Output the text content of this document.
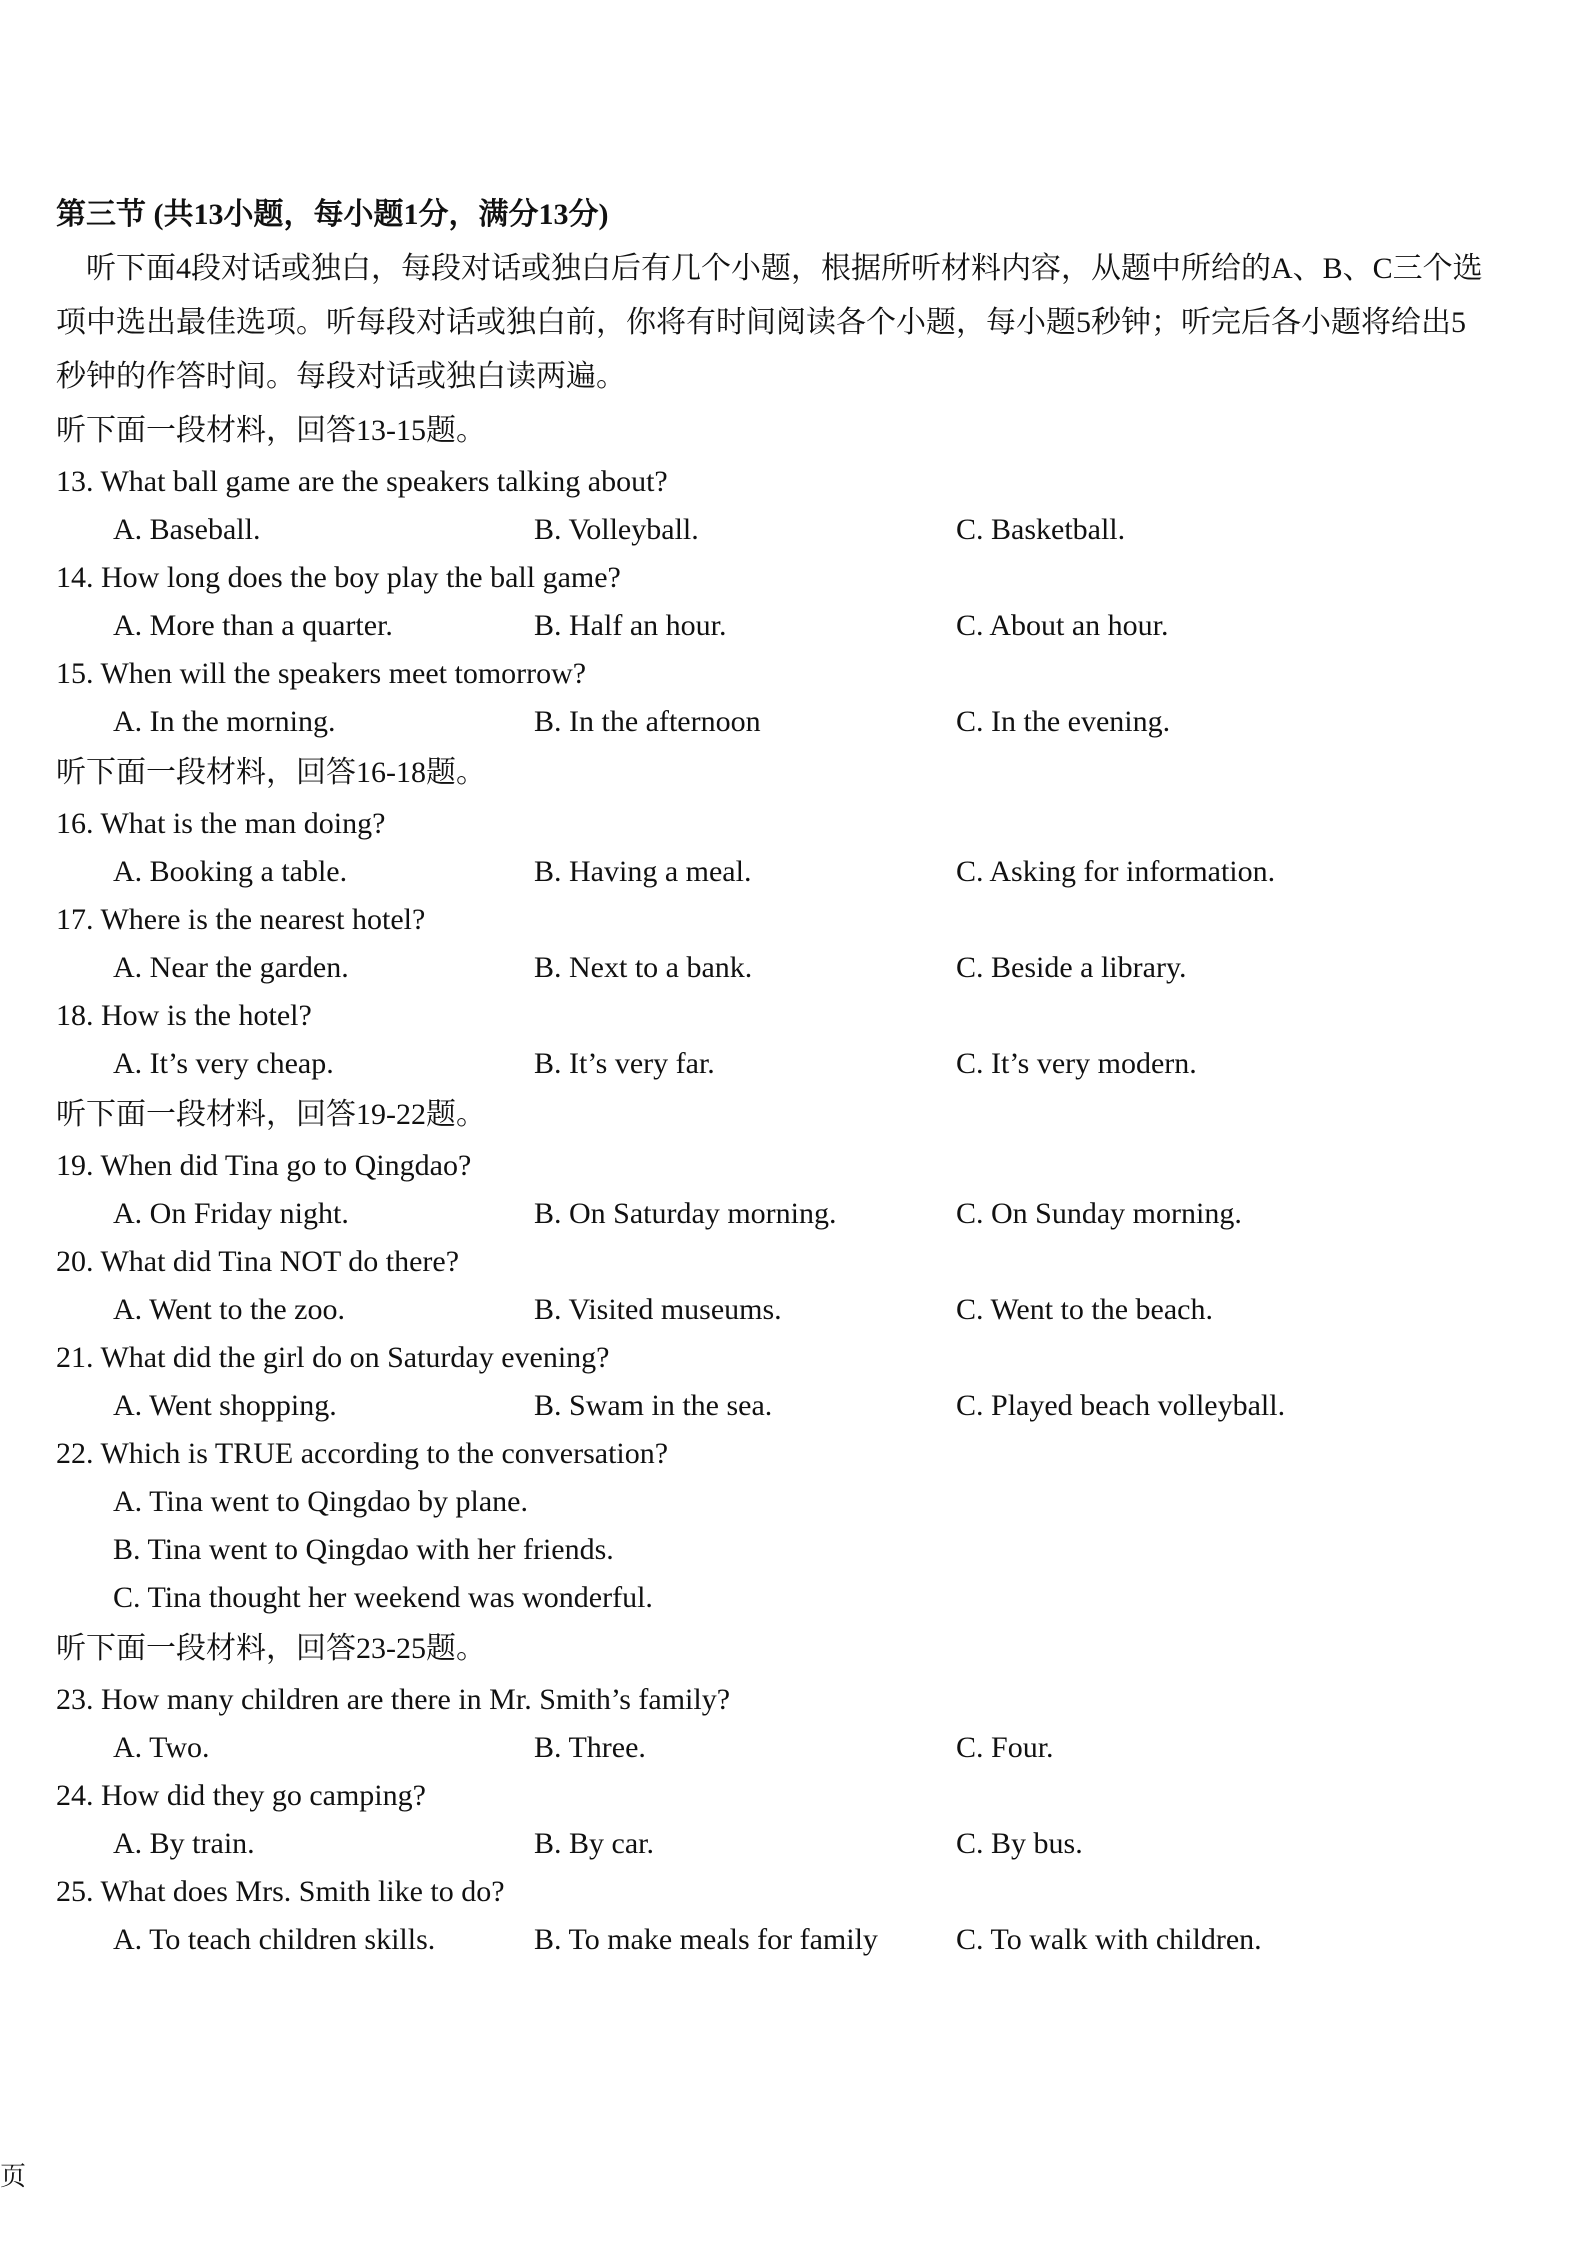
第三节 (共13小题，每小题1分，满分13分)

听下面4段对话或独白，每段对话或独白后有几个小题，根据所听材料内容，从题中所给的A、B、C三个选项中选出最佳选项。听每段对话或独白前，你将有时间阅读各个小题，每小题5秒钟；听完后各小题将给出5秒钟的作答时间。每段对话或独白读两遍。

听下面一段材料，回答13-15题。
13. What ball game are the speakers talking about?
A. Baseball.	B. Volleyball.	C. Basketball.
14. How long does the boy play the ball game?
A. More than a quarter.	B. Half an hour.	C. About an hour.
15. When will the speakers meet tomorrow?
A. In the morning.	B. In the afternoon	C. In the evening.
听下面一段材料，回答16-18题。
16. What is the man doing?
A. Booking a table.	B. Having a meal.	C. Asking for information.
17. Where is the nearest hotel?
A. Near the garden.	B. Next to a bank.	C. Beside a library.
18. How is the hotel?
A. It’s very cheap.	B. It’s very far.	C. It’s very modern.
听下面一段材料，回答19-22题。
19. When did Tina go to Qingdao?
A. On Friday night.	B. On Saturday morning.	C. On Sunday morning.
20. What did Tina NOT do there?
A. Went to the zoo.	B. Visited museums.	C. Went to the beach.
21. What did the girl do on Saturday evening?
A. Went shopping.	B. Swam in the sea.	C. Played beach volleyball.
22. Which is TRUE according to the conversation?
A. Tina went to Qingdao by plane.
B. Tina went to Qingdao with her friends.
C. Tina thought her weekend was wonderful.
听下面一段材料，回答23-25题。
23. How many children are there in Mr. Smith’s family?
A. Two.	B. Three.	C. Four.
24. How did they go camping?
A. By train.	B. By car.	C. By bus.
25. What does Mrs. Smith like to do?
A. To teach children skills.	B. To make meals for family	C. To walk with children.
页
